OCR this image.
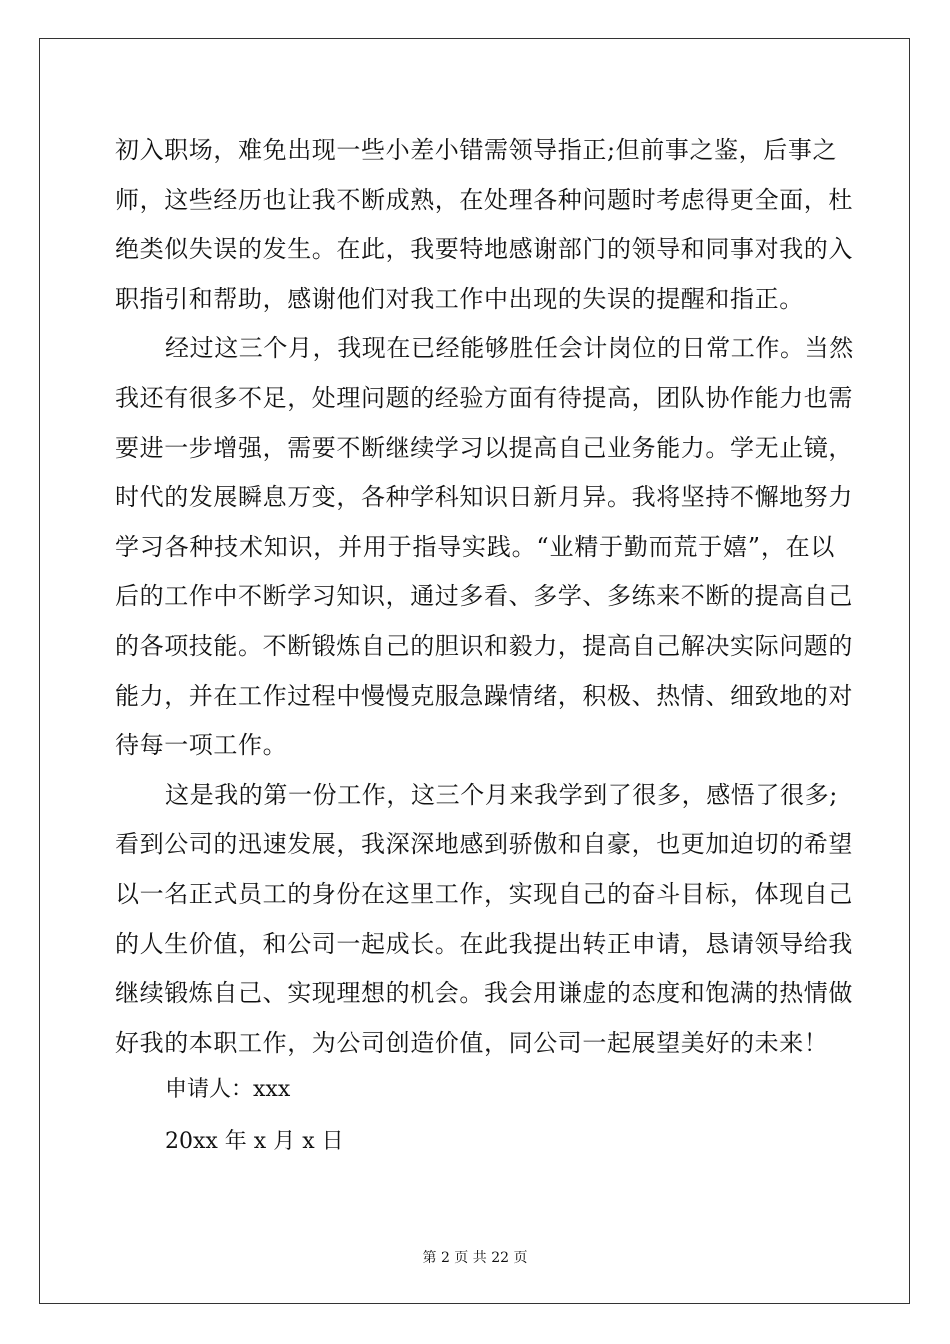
初入职场，难免出现一些小差小错需领导指正;但前事之鉴，后事之
师，这些经历也让我不断成熟，在处理各种问题时考虑得更全面，杜
绝类似失误的发生。在此，我要特地感谢部门的领导和同事对我的入
职指引和帮助，感谢他们对我工作中出现的失误的提醒和指正。
经过这三个月，我现在已经能够胜任会计岗位的日常工作。当然
我还有很多不足，处理问题的经验方面有待提高，团队协作能力也需
要进一步增强，需要不断继续学习以提高自己业务能力。学无止镜，
时代的发展瞬息万变，各种学科知识日新月异。我将坚持不懈地努力
学习各种技术知识，并用于指导实践。“业精于勤而荒于嬉”，在以
后的工作中不断学习知识，通过多看、多学、多练来不断的提高自己
的各项技能。不断锻炼自己的胆识和毅力，提高自己解决实际问题的
能力，并在工作过程中慢慢克服急躁情绪，积极、热情、细致地的对
待每一项工作。
这是我的第一份工作，这三个月来我学到了很多，感悟了很多;
看到公司的迅速发展，我深深地感到骄傲和自豪，也更加迫切的希望
以一名正式员工的身份在这里工作，实现自己的奋斗目标，体现自己
的人生价值，和公司一起成长。在此我提出转正申请，恳请领导给我
继续锻炼自己、实现理想的机会。我会用谦虚的态度和饱满的热情做
好我的本职工作，为公司创造价值，同公司一起展望美好的未来！
申请人：xxx
20xx 年 x 月 x 日
第 2 页 共 22 页
